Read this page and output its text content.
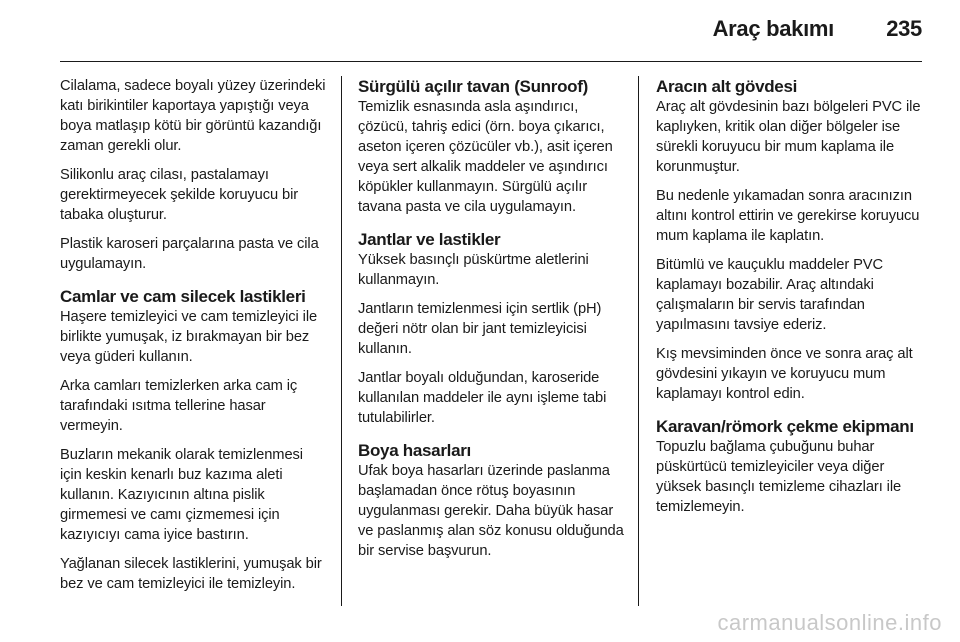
Araç bakımı 235

Cilalama, sadece boyalı yüzey üzerindeki katı birikintiler kaportaya yapıştığı veya boya matlaşıp kötü bir görüntü kazandığı zaman gerekli olur.

Silikonlu araç cilası, pastalamayı gerektirmeyecek şekilde koruyucu bir tabaka oluşturur.

Plastik karoseri parçalarına pasta ve cila uygulamayın.

Camlar ve cam silecek lastikleri

Haşere temizleyici ve cam temizleyici ile birlikte yumuşak, iz bırakmayan bir bez veya güderi kullanın.

Arka camları temizlerken arka cam iç tarafındaki ısıtma tellerine hasar vermeyin.

Buzların mekanik olarak temizlenmesi için keskin kenarlı buz kazıma aleti kullanın. Kazıyıcının altına pislik girmemesi ve camı çizmemesi için kazıyıcıyı cama iyice bastırın.

Yağlanan silecek lastiklerini, yumuşak bir bez ve cam temizleyici ile temizleyin.

Sürgülü açılır tavan (Sunroof)

Temizlik esnasında asla aşındırıcı, çözücü, tahriş edici (örn. boya çıkarıcı, aseton içeren çözücüler vb.), asit içeren veya sert alkalik maddeler ve aşındırıcı köpükler kullanmayın. Sürgülü açılır tavana pasta ve cila uygulamayın.

Jantlar ve lastikler

Yüksek basınçlı püskürtme aletlerini kullanmayın.

Jantların temizlenmesi için sertlik (pH) değeri nötr olan bir jant temizleyicisi kullanın.

Jantlar boyalı olduğundan, karoseride kullanılan maddeler ile aynı işleme tabi tutulabilirler.

Boya hasarları

Ufak boya hasarları üzerinde paslanma başlamadan önce rötuş boyasının uygulanması gerekir. Daha büyük hasar ve paslanmış alan söz konusu olduğunda bir servise başvurun.

Aracın alt gövdesi

Araç alt gövdesinin bazı bölgeleri PVC ile kaplıyken, kritik olan diğer bölgeler ise sürekli koruyucu bir mum kaplama ile korunmuştur.

Bu nedenle yıkamadan sonra aracınızın altını kontrol ettirin ve gerekirse koruyucu mum kaplama ile kaplatın.

Bitümlü ve kauçuklu maddeler PVC kaplamayı bozabilir. Araç altındaki çalışmaların bir servis tarafından yapılmasını tavsiye ederiz.

Kış mevsiminden önce ve sonra araç alt gövdesini yıkayın ve koruyucu mum kaplamayı kontrol edin.

Karavan/römork çekme ekipmanı

Topuzlu bağlama çubuğunu buhar püskürtücü temizleyiciler veya diğer yüksek basınçlı temizleme cihazları ile temizlemeyin.

carmanualsonline.info
